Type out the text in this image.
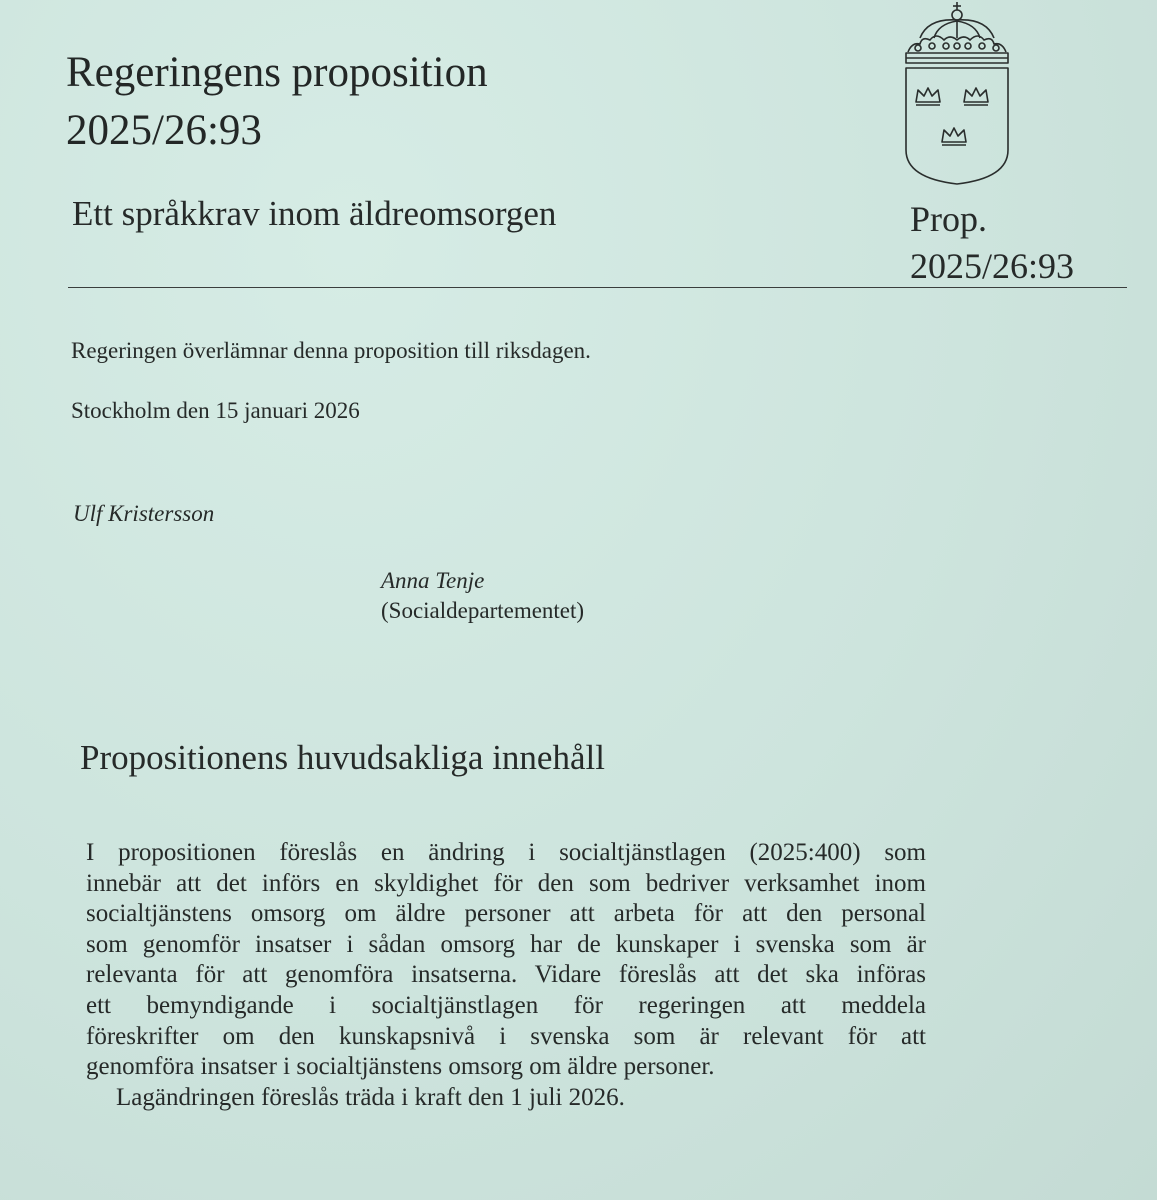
Regeringens proposition
2025/26:93
Ett språkkrav inom äldreomsorgen	Prop.
2025/26:93
Regeringen överlämnar denna proposition till riksdagen.
Stockholm den 15 januari 2026
Ulf Kristersson
Anna Tenje
(Socialdepartementet)
Propositionens huvudsakliga innehåll
I propositionen föreslås en ändring i socialtjänstlagen (2025:400) som
innebär att det införs en skyldighet för den som bedriver verksamhet inom
socialtjänstens omsorg om äldre personer att arbeta för att den personal
som genomför insatser i sådan omsorg har de kunskaper i svenska som är
relevanta för att genomföra insatserna. Vidare föreslås att det ska införas
ett bemyndigande i socialtjänstlagen för regeringen att meddela
föreskrifter om den kunskapsnivå i svenska som är relevant för att
genomföra insatser i socialtjänstens omsorg om äldre personer.
Lagändringen föreslås träda i kraft den 1 juli 2026.
